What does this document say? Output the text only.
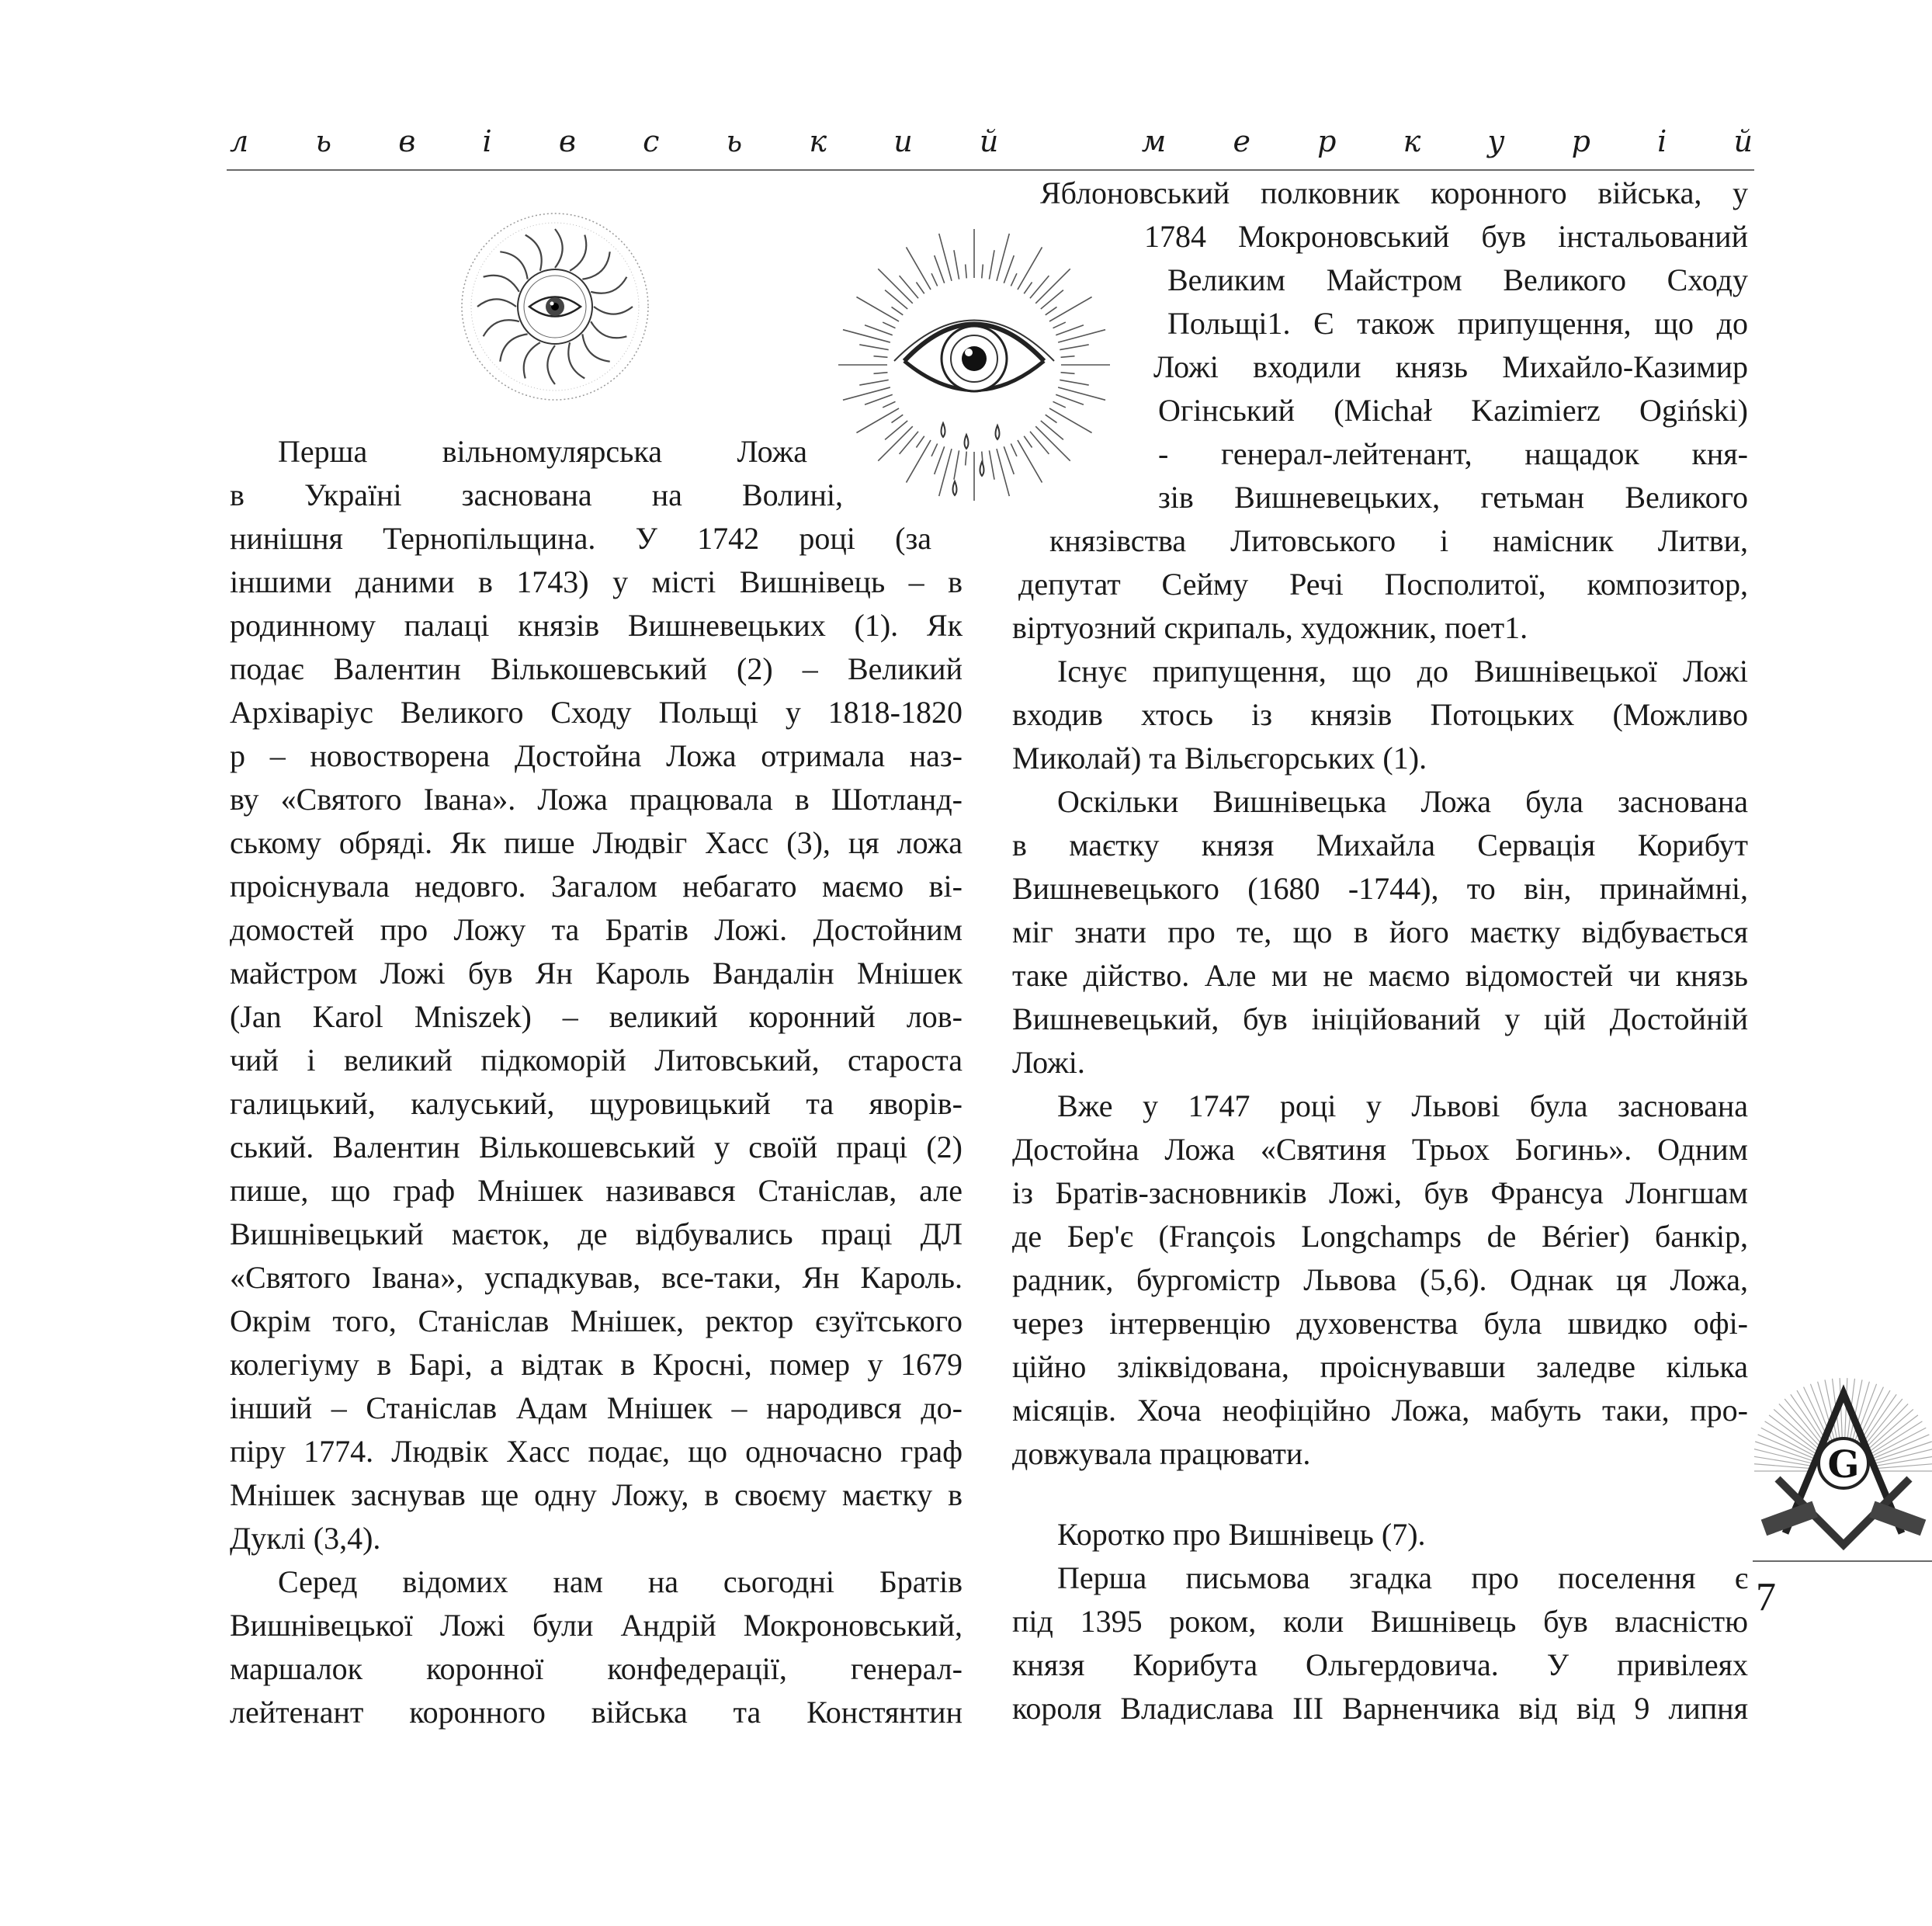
л ь в і в с ь к и й
	м е р к у р і й
G
Перша вільномулярська Ложа
в Україні заснована на Волині,
нинішня Тернопільщина. У 1742 році (за
іншими даними в 1743) у місті Вишнівець – в
родинному палаці князів Вишневецьких (1). Як
подає Валентин Вількошевський (2) – Великий
Архіваріус Великого Сходу Польщі у 1818-1820
р – новостворена Достойна Ложа отримала наз-
ву «Святого Івана». Ложа працювала в Шотланд-
ському обряді. Як пише Людвіг Хасс (3), ця ложа
проіснувала недовго. Загалом небагато маємо ві-
домостей про Ложу та Братів Ложі. Достойним
майстром Ложі був Ян Кароль Вандалін Мнішек
(Jan Karol Mniszek) – великий коронний лов-
чий і великий підкоморій Литовський, староста
галицький, калуський, щуровицький та яворів-
ський. Валентин Вількошевський у своїй праці (2)
пише, що граф Мнішек називався Станіслав, але
Вишнівецький маєток, де відбувались праці ДЛ
«Святого Івана», успадкував, все-таки, Ян Кароль.
Окрім того, Станіслав Мнішек, ректор єзуїтського
колегіуму в Барі, а відтак в Кросні, помер у 1679
інший – Станіслав Адам Мнішек – народився до-
піру 1774. Людвік Хасс подає, що одночасно граф
Мнішек заснував ще одну Ложу, в своєму маєтку в
Дуклі (3,4).
Серед відомих нам на сьогодні Братів
Вишнівецької Ложі були Андрій Мокроновський,
маршалок коронної конфедерації, генерал-
лейтенант коронного війська та Констянтин
Яблоновський полковник коронного війська, у
1784 Мокроновський був інстальований
Великим Майстром Великого Сходу
Польщі1. Є також припущення, що до
Ложі входили князь Михайло-Казимир
Огінський (Michał Kazimierz Ogiński)
- генерал-лейтенант, нащадок кня-
зів Вишневецьких, гетьман Великого
князівства Литовського і намісник Литви,
депутат Сейму Речі Посполитої, композитор,
віртуозний скрипаль, художник, поет1.
Існує припущення, що до Вишнівецької Ложі
входив хтось із князів Потоцьких (Можливо
Миколай) та Вільєгорських (1).
Оскільки Вишнівецька Ложа була заснована
в маєтку князя Михайла Сервація Корибут
Вишневецького (1680 -1744), то він, принаймні,
міг знати про те, що в його маєтку відбувається
таке дійство. Але ми не маємо відомостей чи князь
Вишневецький, був ініційований у цій Достойній
Ложі.
Вже у 1747 році у Львові була заснована
Достойна Ложа «Святиня Трьох Богинь». Одним
із Братів-засновників Ложі, був Франсуа Лонгшам
де Бер'є (François Longchamps de Bérier) банкір,
радник, бургомістр Львова (5,6). Однак ця Ложа,
через інтервенцію духовенства була швидко офі-
ційно зліквідована, проіснувавши заледве кілька
місяців. Хоча неофіційно Ложа, мабуть таки, про-
довжувала працювати.
Коротко про Вишнівець (7).
Перша письмова згадка про поселення є
під 1395 роком, коли Вишнівець був власністю
князя Корибута Ольгердовича. У привілеях
короля Владислава ІІІ Варненчика від від 9 липня
7
